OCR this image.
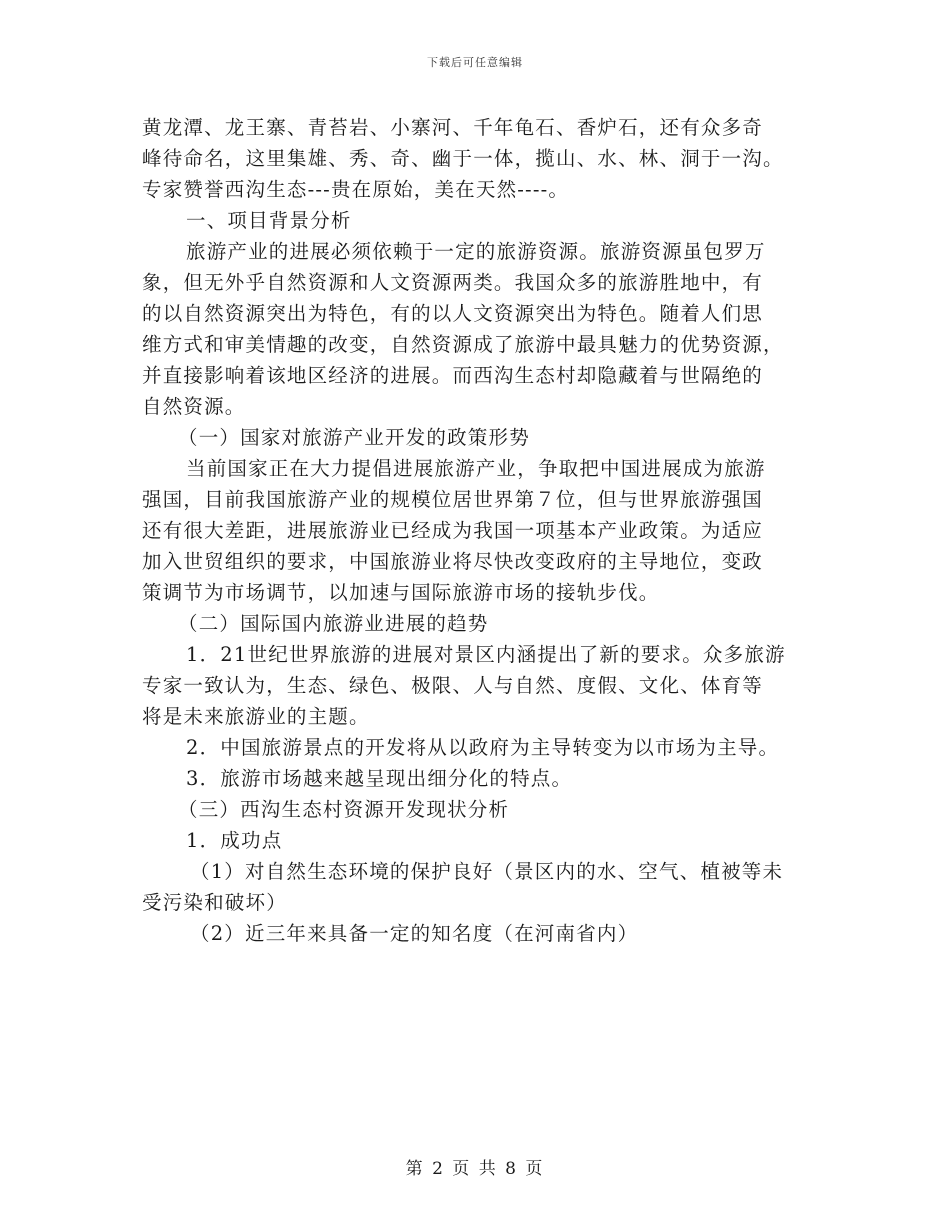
下载后可任意编辑
黄龙潭、龙王寨、青苔岩、小寨河、千年龟石、香炉石，还有众多奇
峰待命名，这里集雄、秀、奇、幽于一体，揽山、水、林、洞于一沟。
专家赞誉西沟生态---贵在原始，美在天然----。
一、项目背景分析
旅游产业的进展必须依赖于一定的旅游资源。旅游资源虽包罗万
象，但无外乎自然资源和人文资源两类。我国众多的旅游胜地中，有
的以自然资源突出为特色，有的以人文资源突出为特色。随着人们思
维方式和审美情趣的改变，自然资源成了旅游中最具魅力的优势资源，
并直接影响着该地区经济的进展。而西沟生态村却隐藏着与世隔绝的
自然资源。
（一）国家对旅游产业开发的政策形势
当前国家正在大力提倡进展旅游产业，争取把中国进展成为旅游
强国，目前我国旅游产业的规模位居世界第７位，但与世界旅游强国
还有很大差距，进展旅游业已经成为我国一项基本产业政策。为适应
加入世贸组织的要求，中国旅游业将尽快改变政府的主导地位，变政
策调节为市场调节，以加速与国际旅游市场的接轨步伐。
（二）国际国内旅游业进展的趋势
1．21世纪世界旅游的进展对景区内涵提出了新的要求。众多旅游
专家一致认为，生态、绿色、极限、人与自然、度假、文化、体育等
将是未来旅游业的主题。
2．中国旅游景点的开发将从以政府为主导转变为以市场为主导。
3．旅游市场越来越呈现出细分化的特点。
（三）西沟生态村资源开发现状分析
1．成功点
（1）对自然生态环境的保护良好（景区内的水、空气、植被等未
受污染和破坏）
（2）近三年来具备一定的知名度（在河南省内）
第 2 页 共 8 页
